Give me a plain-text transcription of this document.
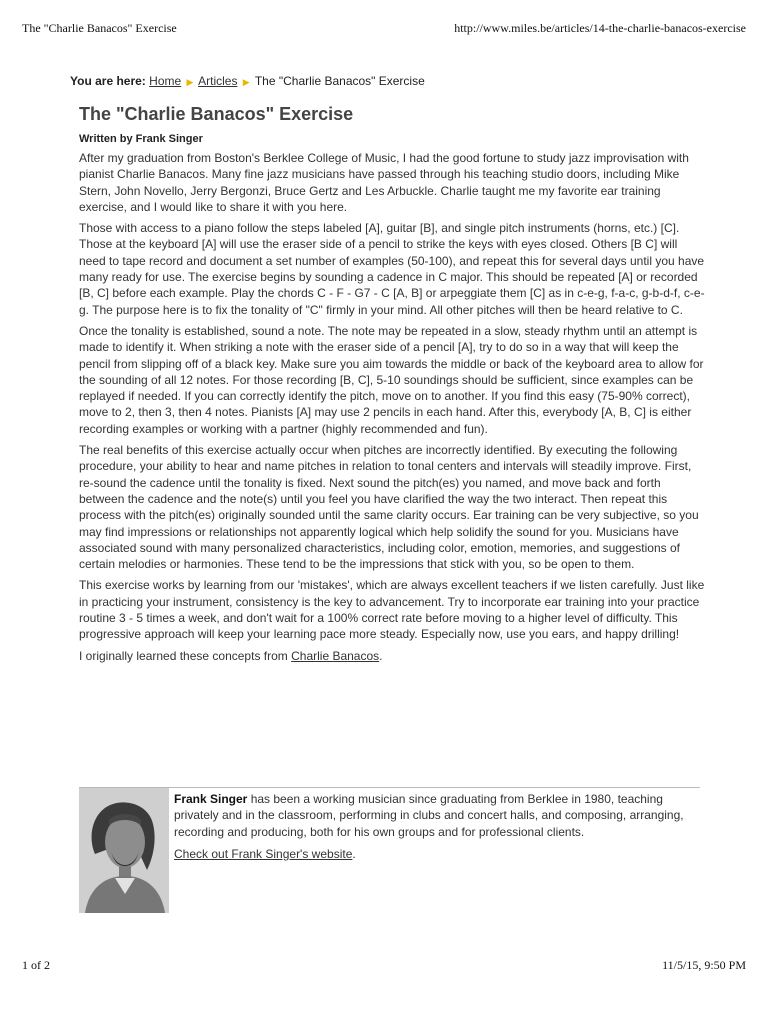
The "Charlie Banacos" Exercise	http://www.miles.be/articles/14-the-charlie-banacos-exercise
You are here: Home ▶ Articles ▶ The "Charlie Banacos" Exercise
The "Charlie Banacos" Exercise
Written by Frank Singer

After my graduation from Boston's Berklee College of Music, I had the good fortune to study jazz improvisation with pianist Charlie Banacos. Many fine jazz musicians have passed through his teaching studio doors, including Mike Stern, John Novello, Jerry Bergonzi, Bruce Gertz and Les Arbuckle. Charlie taught me my favorite ear training exercise, and I would like to share it with you here.

Those with access to a piano follow the steps labeled [A], guitar [B], and single pitch instruments (horns, etc.) [C]. Those at the keyboard [A] will use the eraser side of a pencil to strike the keys with eyes closed. Others [B C] will need to tape record and document a set number of examples (50-100), and repeat this for several days until you have many ready for use. The exercise begins by sounding a cadence in C major. This should be repeated [A] or recorded [B, C] before each example. Play the chords C - F - G7 - C [A, B] or arpeggiate them [C] as in c-e-g, f-a-c, g-b-d-f, c-e-g. The purpose here is to fix the tonality of "C" firmly in your mind. All other pitches will then be heard relative to C.

Once the tonality is established, sound a note. The note may be repeated in a slow, steady rhythm until an attempt is made to identify it. When striking a note with the eraser side of a pencil [A], try to do so in a way that will keep the pencil from slipping off of a black key. Make sure you aim towards the middle or back of the keyboard area to allow for the sounding of all 12 notes. For those recording [B, C], 5-10 soundings should be sufficient, since examples can be replayed if needed. If you can correctly identify the pitch, move on to another. If you find this easy (75-90% correct), move to 2, then 3, then 4 notes. Pianists [A] may use 2 pencils in each hand. After this, everybody [A, B, C] is either recording examples or working with a partner (highly recommended and fun).

The real benefits of this exercise actually occur when pitches are incorrectly identified. By executing the following procedure, your ability to hear and name pitches in relation to tonal centers and intervals will steadily improve. First, re-sound the cadence until the tonality is fixed. Next sound the pitch(es) you named, and move back and forth between the cadence and the note(s) until you feel you have clarified the way the two interact. Then repeat this process with the pitch(es) originally sounded until the same clarity occurs. Ear training can be very subjective, so you may find impressions or relationships not apparently logical which help solidify the sound for you. Musicians have associated sound with many personalized characteristics, including color, emotion, memories, and suggestions of certain melodies or harmonies. These tend to be the impressions that stick with you, so be open to them.

This exercise works by learning from our 'mistakes', which are always excellent teachers if we listen carefully. Just like in practicing your instrument, consistency is the key to advancement. Try to incorporate ear training into your practice routine 3 - 5 times a week, and don't wait for a 100% correct rate before moving to a higher level of difficulty. This progressive approach will keep your learning pace more steady. Especially now, use you ears, and happy drilling!

I originally learned these concepts from Charlie Banacos.

Frank Singer has been a working musician since graduating from Berklee in 1980, teaching privately and in the classroom, performing in clubs and concert halls, and composing, arranging, recording and producing, both for his own groups and for professional clients.

Check out Frank Singer's website.

1 of 2	11/5/15, 9:50 PM
